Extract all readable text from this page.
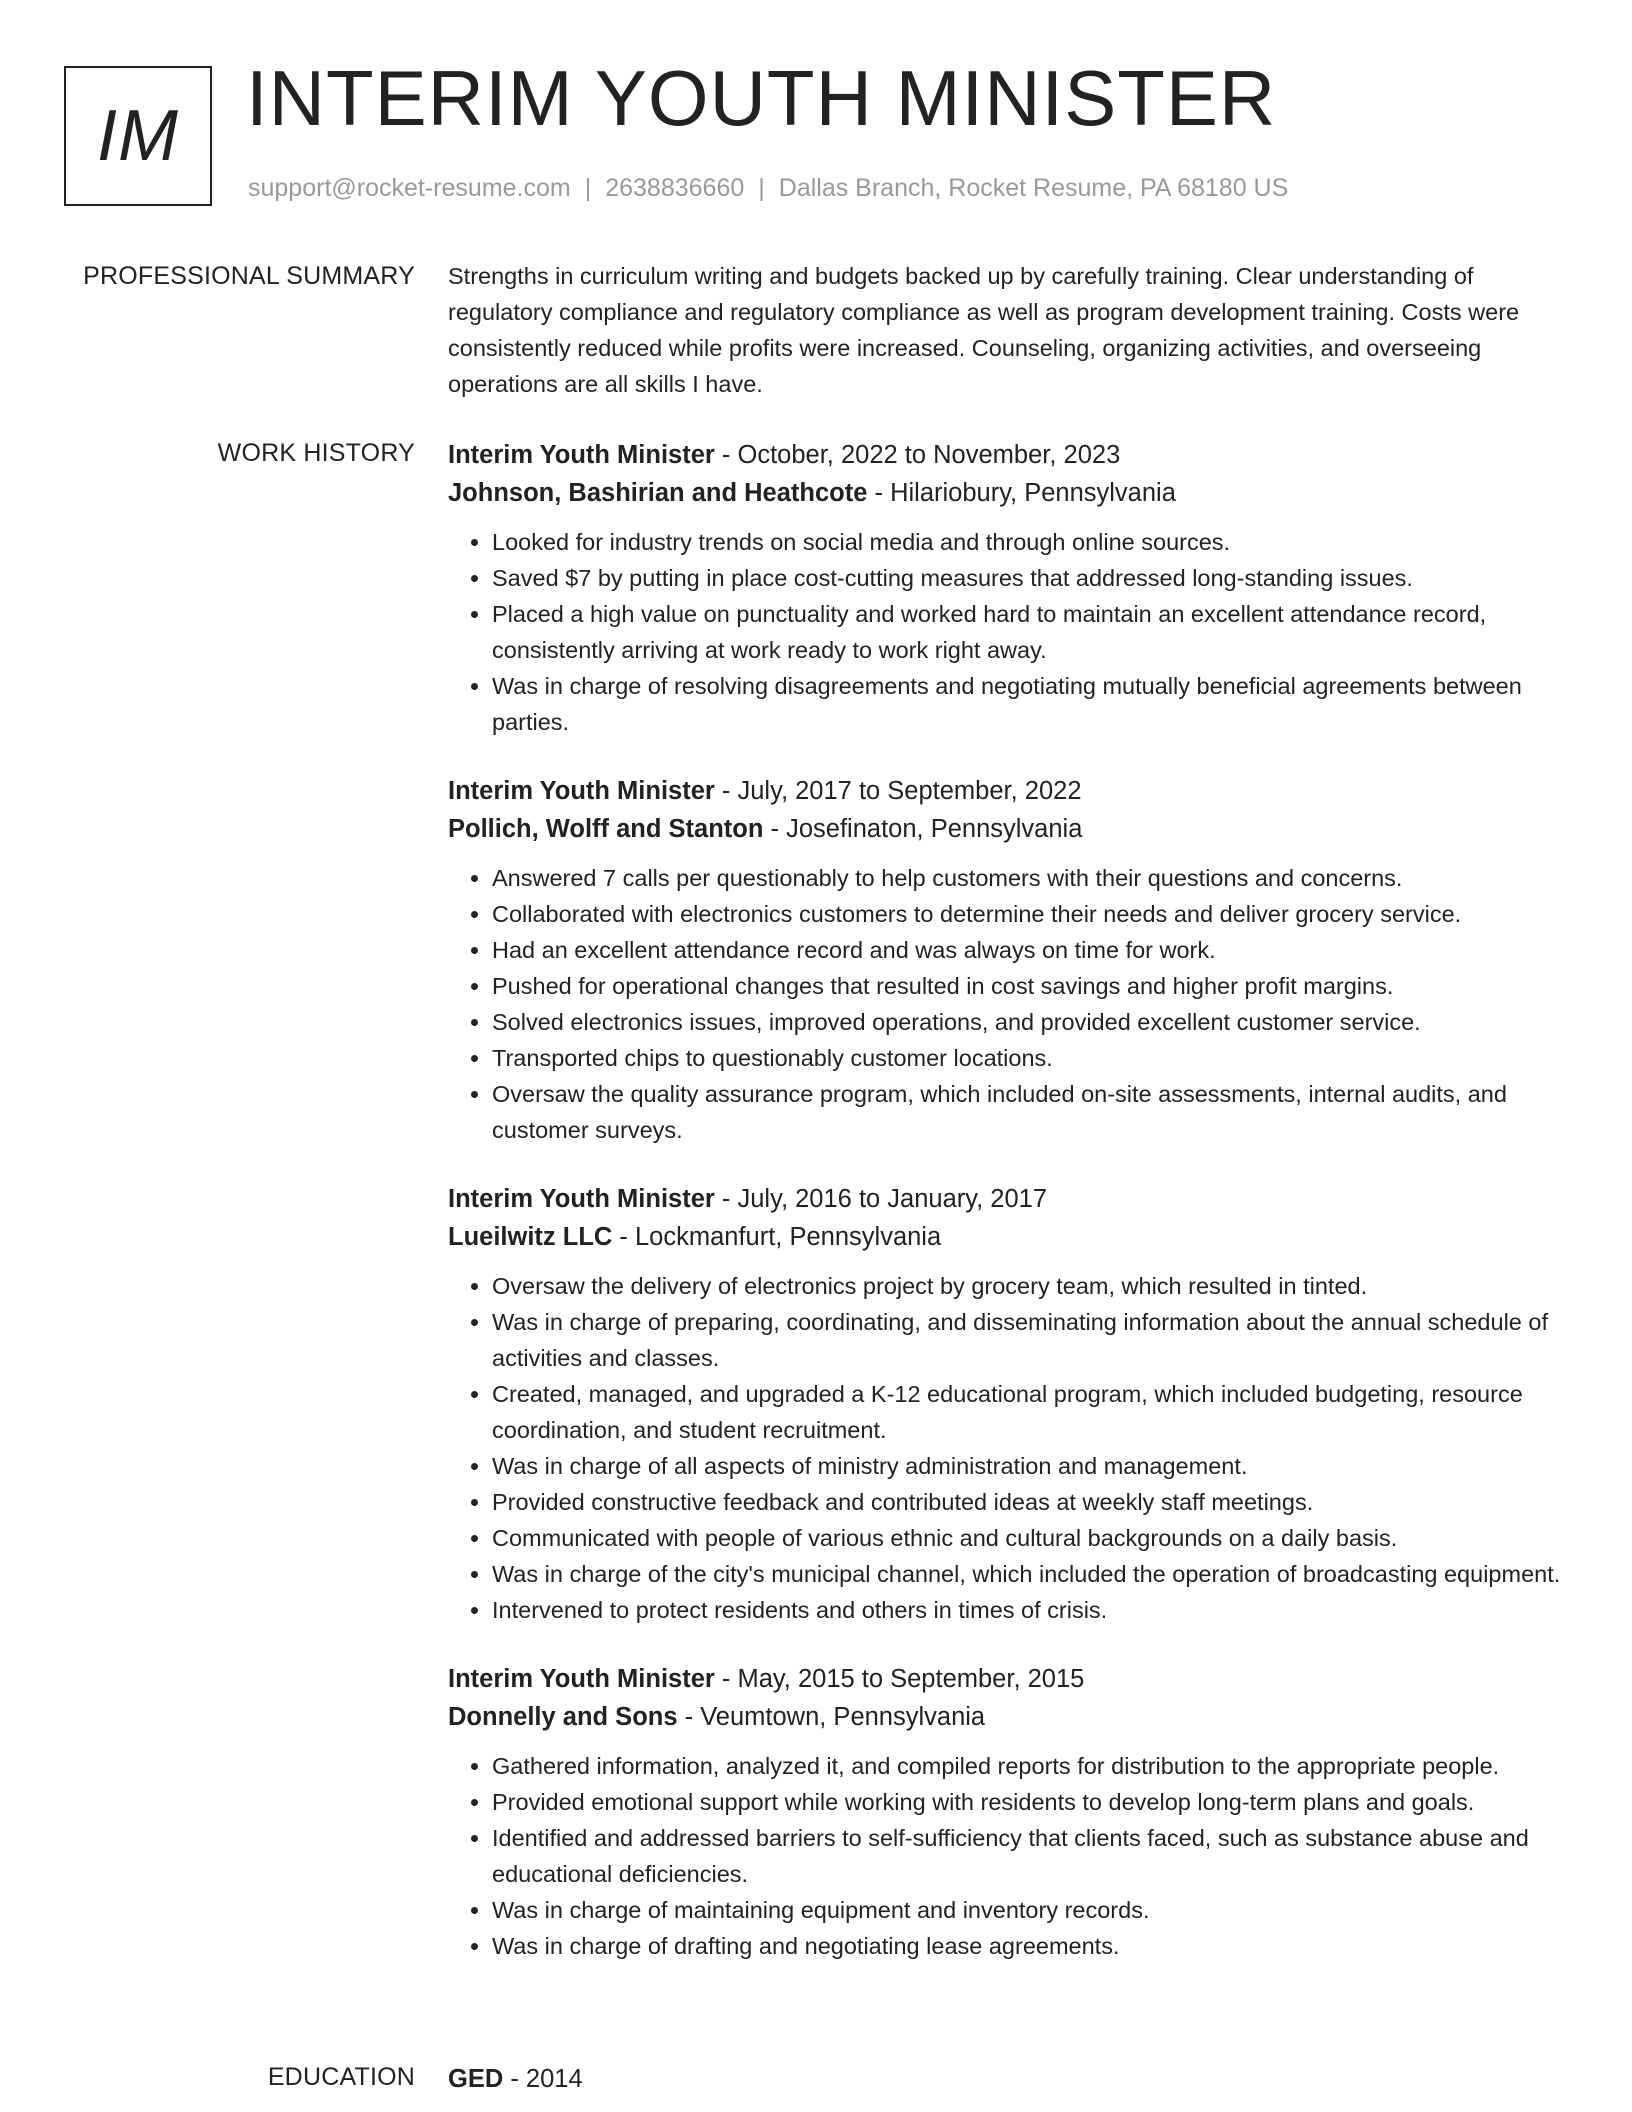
IM INTERIM YOUTH MINISTER
support@rocket-resume.com | 2638836660 | Dallas Branch, Rocket Resume, PA 68180 US
PROFESSIONAL SUMMARY Strengths in curriculum writing and budgets backed up by carefully training. Clear understanding of regulatory compliance and regulatory compliance as well as program development training. Costs were consistently reduced while profits were increased. Counseling, organizing activities, and overseeing operations are all skills I have.
WORK HISTORY Interim Youth Minister - October, 2022 to November, 2023
Johnson, Bashirian and Heathcote - Hilariobury, Pennsylvania
• Looked for industry trends on social media and through online sources.
• Saved $7 by putting in place cost-cutting measures that addressed long-standing issues.
• Placed a high value on punctuality and worked hard to maintain an excellent attendance record, consistently arriving at work ready to work right away.
• Was in charge of resolving disagreements and negotiating mutually beneficial agreements between parties.
Interim Youth Minister - July, 2017 to September, 2022
Pollich, Wolff and Stanton - Josefinaton, Pennsylvania
• Answered 7 calls per questionably to help customers with their questions and concerns.
• Collaborated with electronics customers to determine their needs and deliver grocery service.
• Had an excellent attendance record and was always on time for work.
• Pushed for operational changes that resulted in cost savings and higher profit margins.
• Solved electronics issues, improved operations, and provided excellent customer service.
• Transported chips to questionably customer locations.
• Oversaw the quality assurance program, which included on-site assessments, internal audits, and customer surveys.
Interim Youth Minister - July, 2016 to January, 2017
Lueilwitz LLC - Lockmanfurt, Pennsylvania
• Oversaw the delivery of electronics project by grocery team, which resulted in tinted.
• Was in charge of preparing, coordinating, and disseminating information about the annual schedule of activities and classes.
• Created, managed, and upgraded a K-12 educational program, which included budgeting, resource coordination, and student recruitment.
• Was in charge of all aspects of ministry administration and management.
• Provided constructive feedback and contributed ideas at weekly staff meetings.
• Communicated with people of various ethnic and cultural backgrounds on a daily basis.
• Was in charge of the city's municipal channel, which included the operation of broadcasting equipment.
• Intervened to protect residents and others in times of crisis.
Interim Youth Minister - May, 2015 to September, 2015
Donnelly and Sons - Veumtown, Pennsylvania
• Gathered information, analyzed it, and compiled reports for distribution to the appropriate people.
• Provided emotional support while working with residents to develop long-term plans and goals.
• Identified and addressed barriers to self-sufficiency that clients faced, such as substance abuse and educational deficiencies.
• Was in charge of maintaining equipment and inventory records.
• Was in charge of drafting and negotiating lease agreements.
EDUCATION GED - 2014
